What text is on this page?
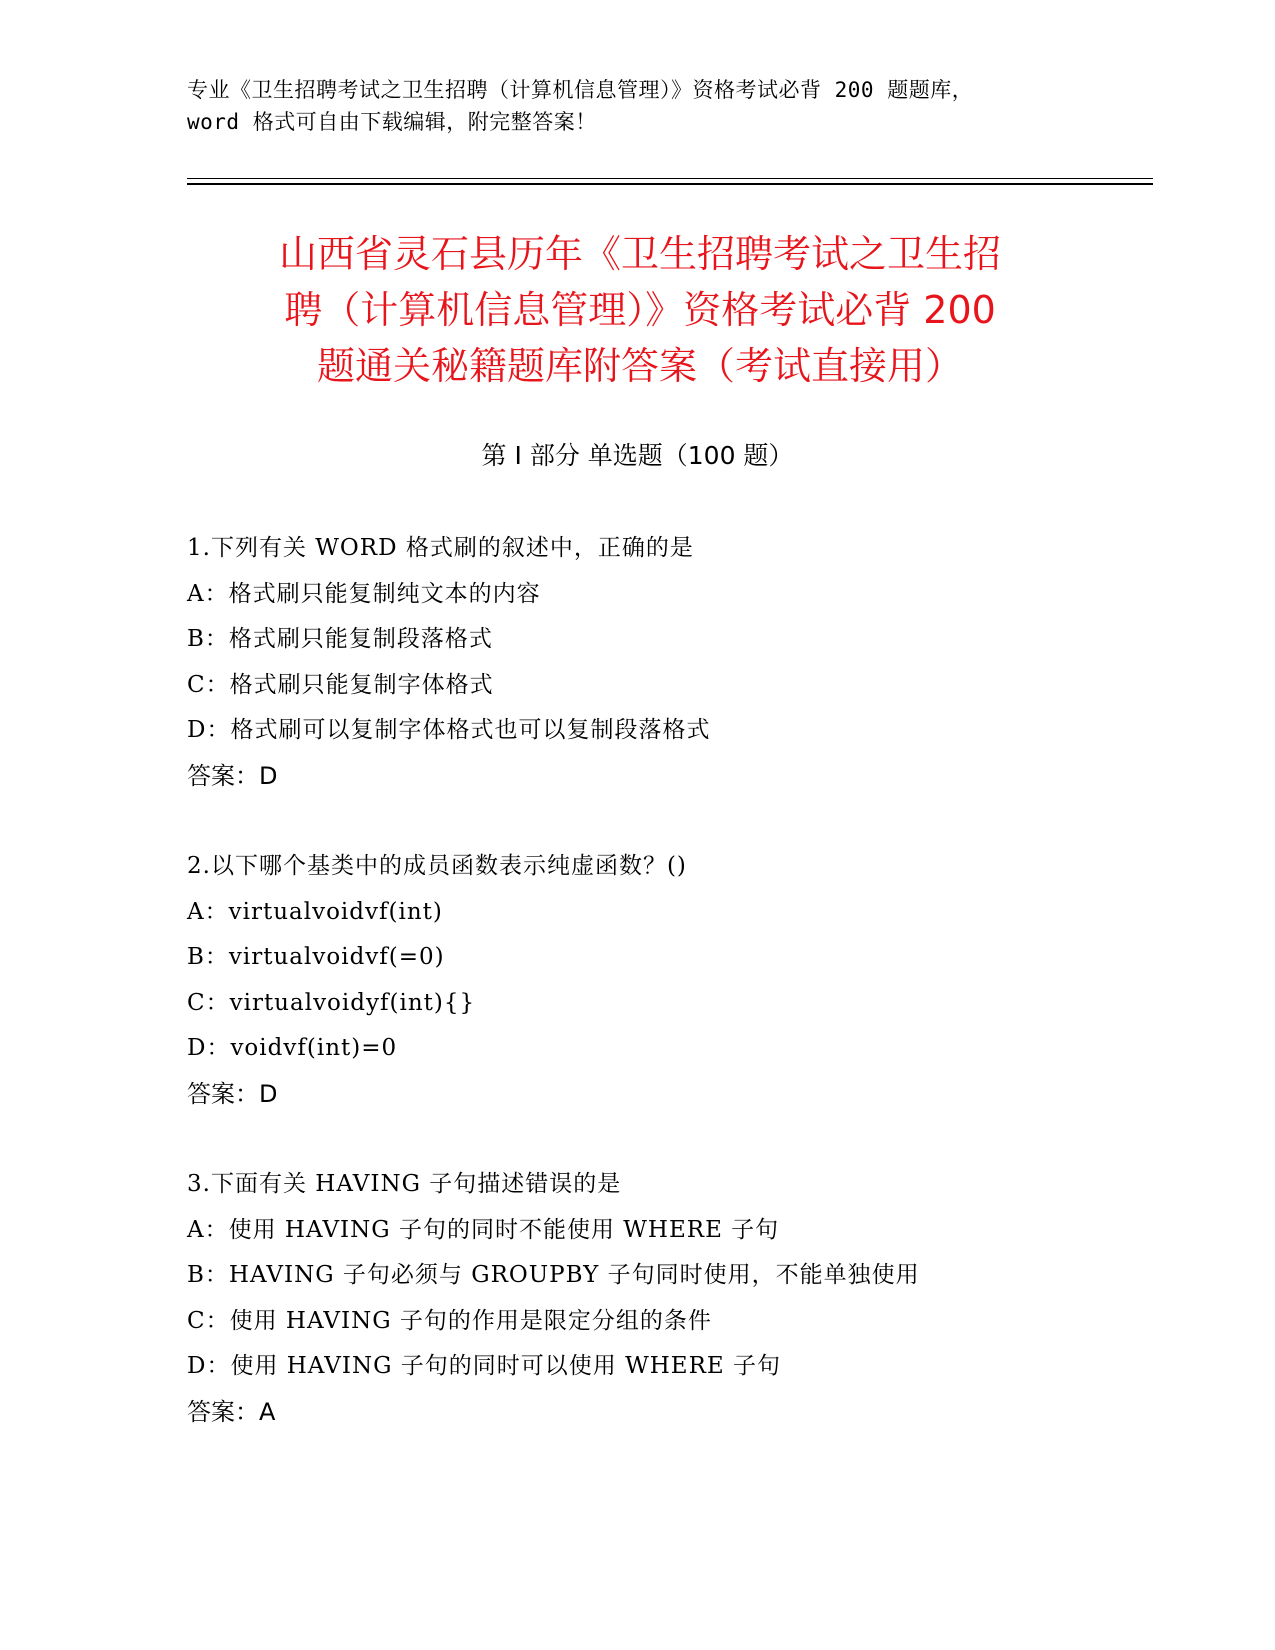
专业《卫生招聘考试之卫生招聘（计算机信息管理）》资格考试必背 200 题题库，
word 格式可自由下载编辑，附完整答案！
山西省灵石县历年《卫生招聘考试之卫生招
聘（计算机信息管理）》资格考试必背 200
题通关秘籍题库附答案（考试直接用）
第 I 部分 单选题（100 题）
1.下列有关 WORD 格式刷的叙述中，正确的是
A：格式刷只能复制纯文本的内容
B：格式刷只能复制段落格式
C：格式刷只能复制字体格式
D：格式刷可以复制字体格式也可以复制段落格式
答案：D
2.以下哪个基类中的成员函数表示纯虚函数？()
A：virtualvoidvf(int)
B：virtualvoidvf(=0)
C：virtualvoidyf(int){}
D：voidvf(int)=0
答案：D
3.下面有关 HAVING 子句描述错误的是
A：使用 HAVING 子句的同时不能使用 WHERE 子句
B：HAVING 子句必须与 GROUPBY 子句同时使用，不能单独使用
C：使用 HAVING 子句的作用是限定分组的条件
D：使用 HAVING 子句的同时可以使用 WHERE 子句
答案：A
